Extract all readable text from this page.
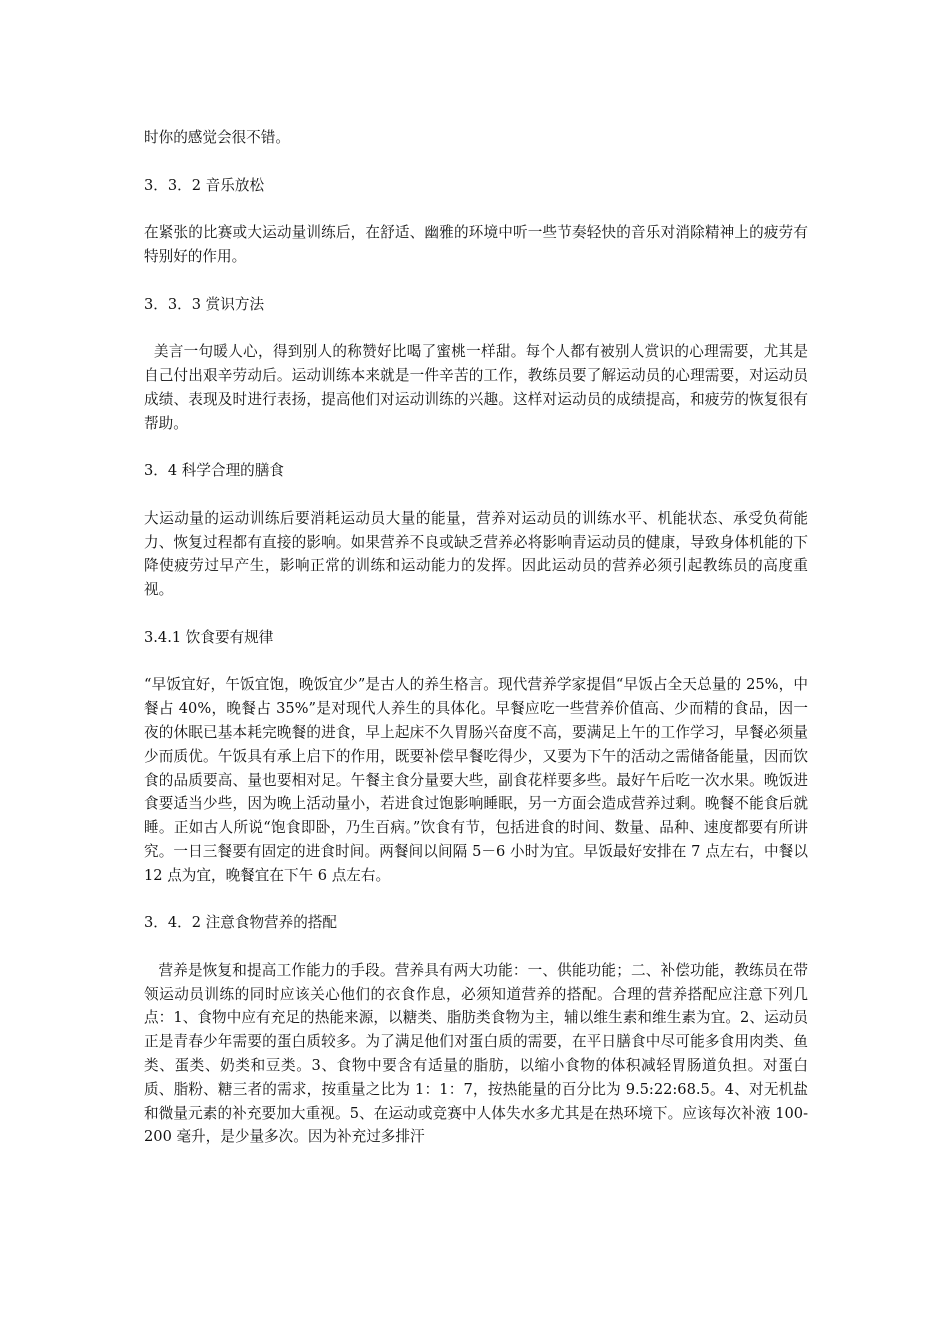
时你的感觉会很不错。

3．3．2 音乐放松

在紧张的比赛或大运动量训练后，在舒适、幽雅的环境中听一些节奏轻快的音乐对消除精神上的疲劳有特别好的作用。

3．3．3 赏识方法

美言一句暖人心，得到别人的称赞好比喝了蜜桃一样甜。每个人都有被别人赏识的心理需要，尤其是自己付出艰辛劳动后。运动训练本来就是一件辛苦的工作，教练员要了解运动员的心理需要，对运动员成绩、表现及时进行表扬，提高他们对运动训练的兴趣。这样对运动员的成绩提高，和疲劳的恢复很有帮助。

3．4 科学合理的膳食

大运动量的运动训练后要消耗运动员大量的能量，营养对运动员的训练水平、机能状态、承受负荷能力、恢复过程都有直接的影响。如果营养不良或缺乏营养必将影响青运动员的健康，导致身体机能的下降使疲劳过早产生，影响正常的训练和运动能力的发挥。因此运动员的营养必须引起教练员的高度重视。

3.4.1 饮食要有规律

“早饭宜好，午饭宜饱，晚饭宜少”是古人的养生格言。现代营养学家提倡“早饭占全天总量的 25%，中餐占 40%，晚餐占 35%”是对现代人养生的具体化。早餐应吃一些营养价值高、少而精的食品，因一夜的休眠已基本耗完晚餐的进食，早上起床不久胃肠兴奋度不高，要满足上午的工作学习，早餐必须量少而质优。午饭具有承上启下的作用，既要补偿早餐吃得少，又要为下午的活动之需储备能量，因而饮食的品质要高、量也要相对足。午餐主食分量要大些，副食花样要多些。最好午后吃一次水果。晚饭进食要适当少些，因为晚上活动量小，若进食过饱影响睡眠，另一方面会造成营养过剩。晚餐不能食后就睡。正如古人所说“饱食即卧，乃生百病。”饮食有节，包括进食的时间、数量、品种、速度都要有所讲究。一日三餐要有固定的进食时间。两餐间以间隔 5－6 小时为宜。早饭最好安排在 7 点左右，中餐以 12 点为宜，晚餐宜在下午 6 点左右。

3．4．2 注意食物营养的搭配

营养是恢复和提高工作能力的手段。营养具有两大功能：一、供能功能；二、补偿功能，教练员在带领运动员训练的同时应该关心他们的衣食作息，必须知道营养的搭配。合理的营养搭配应注意下列几点：1、食物中应有充足的热能来源，以糖类、脂肪类食物为主，辅以维生素和维生素为宜。2、运动员正是青春少年需要的蛋白质较多。为了满足他们对蛋白质的需要，在平日膳食中尽可能多食用肉类、鱼类、蛋类、奶类和豆类。3、食物中要含有适量的脂肪，以缩小食物的体积减轻胃肠道负担。对蛋白质、脂粉、糖三者的需求，按重量之比为 1：1：7，按热能量的百分比为 9.5:22:68.5。4、对无机盐和微量元素的补充要加大重视。5、在运动或竞赛中人体失水多尤其是在热环境下。应该每次补液 100-200 毫升，是少量多次。因为补充过多排汗
